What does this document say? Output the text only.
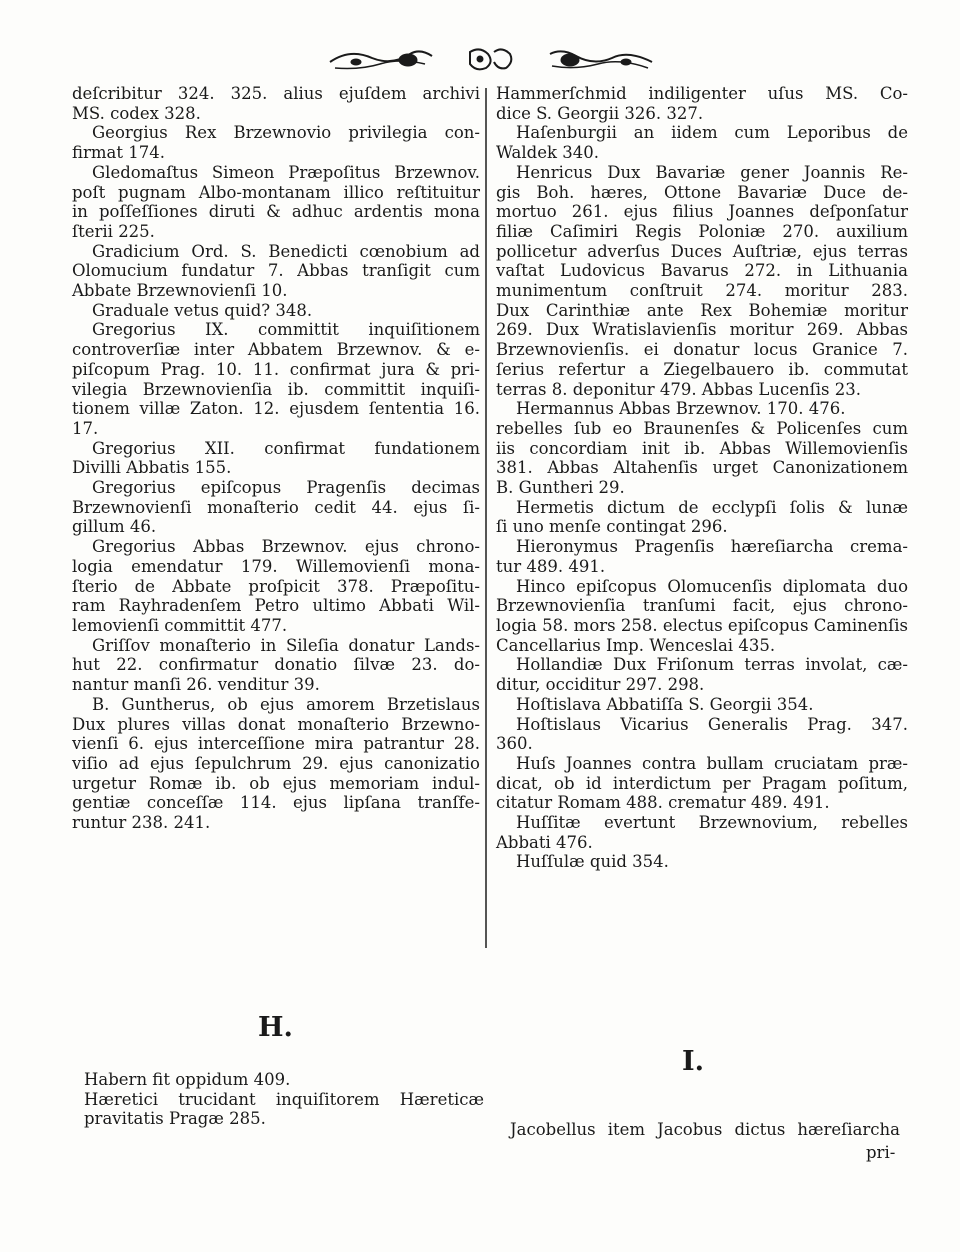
deſcribitur 324. 325. alius ejuſdem archivi
MS. codex 328.
Georgius Rex Brzewnovio privilegia con-
firmat 174.
Gledomaſtus Simeon Præpoſitus Brzewnov.
poſt pugnam Albo-montanam illico reſtituitur
in poſſeſſiones diruti & adhuc ardentis mona
ſterii 225.
Gradicium Ord. S. Benedicti cœnobium ad
Olomucium fundatur 7. Abbas tranſigit cum
Abbate Brzewnovienſi 10.
Graduale vetus quid? 348.
Gregorius IX. committit inquiſitionem
controverſiæ inter Abbatem Brzewnov. & e-
piſcopum Prag. 10. 11. confirmat jura & pri-
vilegia Brzewnovienſia ib. committit inquiſi-
tionem villæ Zaton. 12. ejusdem ſententia 16.
17.
Gregorius XII. confirmat fundationem
Divilli Abbatis 155.
Gregorius epiſcopus Pragenſis decimas
Brzewnovienſi monaſterio cedit 44. ejus ſi-
gillum 46.
Gregorius Abbas Brzewnov. ejus chrono-
logia emendatur 179. Willemovienſi mona-
ſterio de Abbate proſpicit 378. Præpoſitu-
ram Rayhradenſem Petro ultimo Abbati Wil-
lemovienſi committit 477.
Griſſov monaſterio in Sileſia donatur Lands-
hut 22. confirmatur donatio ſilvæ 23. do-
nantur manſi 26. venditur 39.
B. Guntherus, ob ejus amorem Brzetislaus
Dux plures villas donat monaſterio Brzewno-
vienſi 6. ejus interceſſione mira patrantur 28.
viſio ad ejus ſepulchrum 29. ejus canonizatio
urgetur Romæ ib. ob ejus memoriam indul-
gentiæ conceſſæ 114. ejus lipſana tranſfe-
runtur 238. 241.
Hammerſchmid indiligenter uſus MS. Co-
dice S. Georgii 326. 327.
Haſenburgii an iidem cum Leporibus de
Waldek 340.
Henricus Dux Bavariæ gener Joannis Re-
gis Boh. hæres, Ottone Bavariæ Duce de-
mortuo 261. ejus filius Joannes deſponſatur
filiæ Caſimiri Regis Poloniæ 270. auxilium
pollicetur adverſus Duces Auſtriæ, ejus terras
vaſtat Ludovicus Bavarus 272. in Lithuania
munimentum conſtruit 274. moritur 283.
Dux Carinthiæ ante Rex Bohemiæ moritur
269. Dux Wratislavienſis moritur 269. Abbas
Brzewnovienſis. ei donatur locus Granice 7.
ſerius refertur a Ziegelbauero ib. commutat
terras 8. deponitur 479. Abbas Lucenſis 23.
Hermannus Abbas Brzewnov. 170. 476.
rebelles ſub eo Braunenſes & Policenſes cum
iis concordiam init ib. Abbas Willemovienſis
381. Abbas Altahenſis urget Canonizationem
B. Guntheri 29.
Hermetis dictum de ecclypſi ſolis & lunæ
ſi uno menſe contingat 296.
Hieronymus Pragenſis hæreſiarcha crema-
tur 489. 491.
Hinco epiſcopus Olomucenſis diplomata duo
Brzewnovienſia tranſumi facit, ejus chrono-
logia 58. mors 258. electus epiſcopus Caminenſis
Cancellarius Imp. Wenceslai 435.
Hollandiæ Dux Friſonum terras involat, cæ-
ditur, occiditur 297. 298.
Hoſtislava Abbatiſſa S. Georgii 354.
Hoſtislaus Vicarius Generalis Prag. 347.
360.
Huſs Joannes contra bullam cruciatam præ-
dicat, ob id interdictum per Pragam poſitum,
citatur Romam 488. crematur 489. 491.
Huſſitæ evertunt Brzewnovium, rebelles
Abbati 476.
Huſſulæ quid 354.
H.
Habern fit oppidum 409.
Hæretici trucidant inquiſitorem Hæreticæ
pravitatis Pragæ 285.
I.
Jacobellus item Jacobus dictus hæreſiarcha
pri-
